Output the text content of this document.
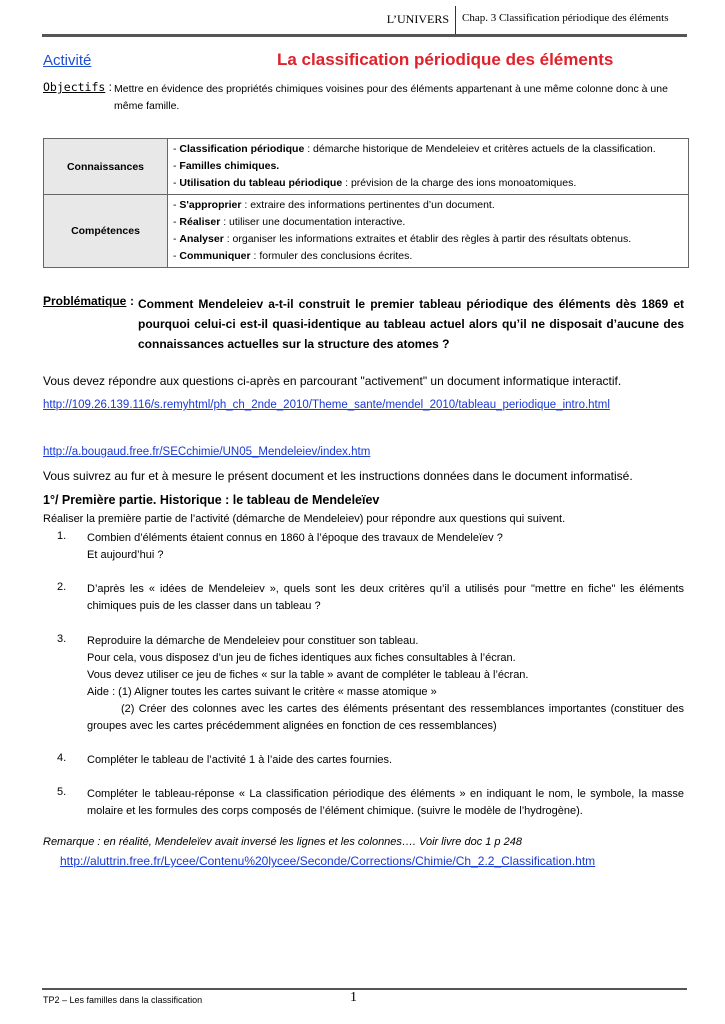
L’UNIVERS Chap. 3 Classification périodique des éléments
Activité	La classification périodique des éléments
Objectifs : Mettre en évidence des propriétés chimiques voisines pour des éléments appartenant à une même colonne donc à une même famille.
Connaissances	- Classification périodique : démarche historique de Mendeleiev et critères actuels de la classification.
- Familles chimiques.
- Utilisation du tableau périodique : prévision de la charge des ions monoatomiques.

Compétences	- S'approprier : extraire des informations pertinentes d’un document.
- Réaliser : utiliser une documentation interactive.
- Analyser : organiser les informations extraites et établir des règles à partir des résultats obtenus.
- Communiquer : formuler des conclusions écrites.
Problématique : Comment Mendeleiev a-t-il construit le premier tableau périodique des éléments dès 1869 et pourquoi celui-ci est-il quasi-identique au tableau actuel alors qu’il ne disposait d’aucune des connaissances actuelles sur la structure des atomes ?
Vous devez répondre aux questions ci-après en parcourant "activement" un document informatique interactif.
http://109.26.139.116/s.remyhtml/ph_ch_2nde_2010/Theme_sante/mendel_2010/tableau_periodique_intro.html
http://a.bougaud.free.fr/SECchimie/UN05_Mendeleiev/index.htm
Vous suivrez au fur et à mesure le présent document et les instructions données dans le document informatisé.
1°/ Première partie. Historique : le tableau de Mendeleïev
Réaliser la première partie de l’activité (démarche de Mendeleiev) pour répondre aux questions qui suivent.
1. Combien d’éléments étaient connus en 1860 à l’époque des travaux de Mendeleïev ?
Et aujourd’hui ?
2. D’après les « idées de Mendeleiev », quels sont les deux critères qu’il a utilisés pour "mettre en fiche" les éléments chimiques puis de les classer dans un tableau ?
3. Reproduire la démarche de Mendeleiev pour constituer son tableau.
Pour cela, vous disposez d’un jeu de fiches identiques aux fiches consultables à l’écran.
Vous devez utiliser ce jeu de fiches « sur la table » avant de compléter le tableau à l’écran.
Aide : (1) Aligner toutes les cartes suivant le critère « masse atomique »
(2) Créer des colonnes avec les cartes des éléments présentant des ressemblances importantes (constituer des groupes avec les cartes précédemment alignées en fonction de ces ressemblances)
4. Compléter le tableau de l’activité 1 à l’aide des cartes fournies.
5. Compléter le tableau-réponse « La classification périodique des éléments » en indiquant le nom, le symbole, la masse molaire et les formules des corps composés de l’élément chimique. (suivre le modèle de l’hydrogène).
Remarque : en réalité, Mendeleïev avait inversé les lignes et les colonnes…. Voir livre doc 1 p 248
http://aluttrin.free.fr/Lycee/Contenu%20lycee/Seconde/Corrections/Chimie/Ch_2.2_Classification.htm
TP2 – Les familles dans la classification	1
